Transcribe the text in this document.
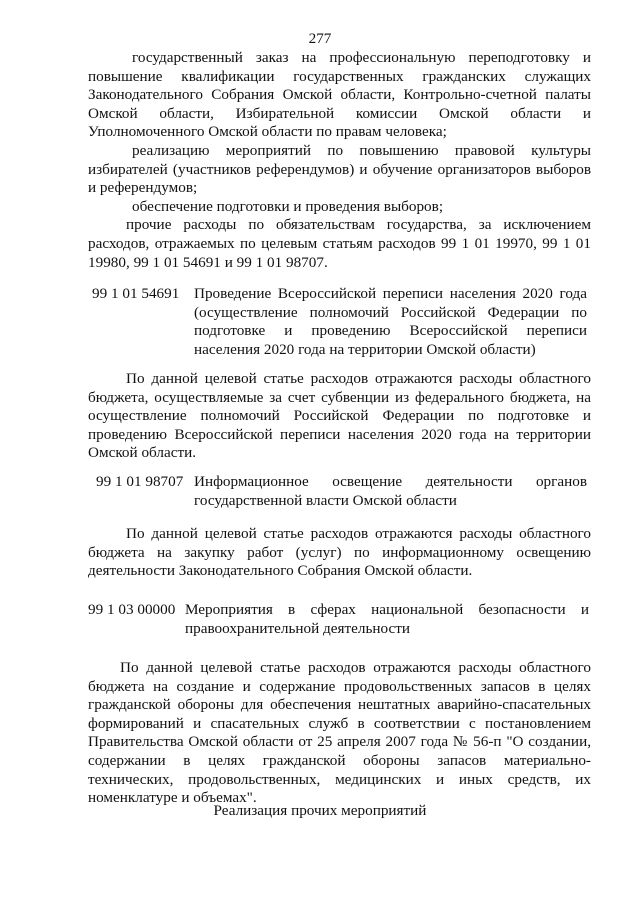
277
государственный заказ на профессиональную переподготовку и
повышение квалификации государственных гражданских служащих Законодательного Собрания Омской области, Контрольно-счетной палаты Омской области, Избирательной комиссии Омской области и Уполномоченного Омской области по правам человека;
реализацию мероприятий по повышению правовой культуры избирателей (участников референдумов) и обучение организаторов выборов и референдумов;
обеспечение подготовки и проведения выборов;
прочие расходы по обязательствам государства, за исключением расходов, отражаемых по целевым статьям расходов 99 1 01 19970, 99 1 01 19980, 99 1 01 54691 и 99 1 01 98707.
99 1 01 54691 Проведение Всероссийской переписи населения 2020 года (осуществление полномочий Российской Федерации по подготовке и проведению Всероссийской переписи населения 2020 года на территории Омской области)
По данной целевой статье расходов отражаются расходы областного бюджета, осуществляемые за счет субвенции из федерального бюджета, на осуществление полномочий Российской Федерации по подготовке и проведению Всероссийской переписи населения 2020 года на территории Омской области.
99 1 01 98707 Информационное освещение деятельности органов государственной власти Омской области
По данной целевой статье расходов отражаются расходы областного бюджета на закупку работ (услуг) по информационному освещению деятельности Законодательного Собрания Омской области.
99 1 03 00000 Мероприятия в сферах национальной безопасности и правоохранительной деятельности
По данной целевой статье расходов отражаются расходы областного бюджета на создание и содержание продовольственных запасов в целях гражданской обороны для обеспечения нештатных аварийно-спасательных формирований и спасательных служб в соответствии с постановлением Правительства Омской области от 25 апреля 2007 года № 56-п "О создании, содержании в целях гражданской обороны запасов материально-технических, продовольственных, медицинских и иных средств, их номенклатуре и объемах".
Реализация прочих мероприятий
